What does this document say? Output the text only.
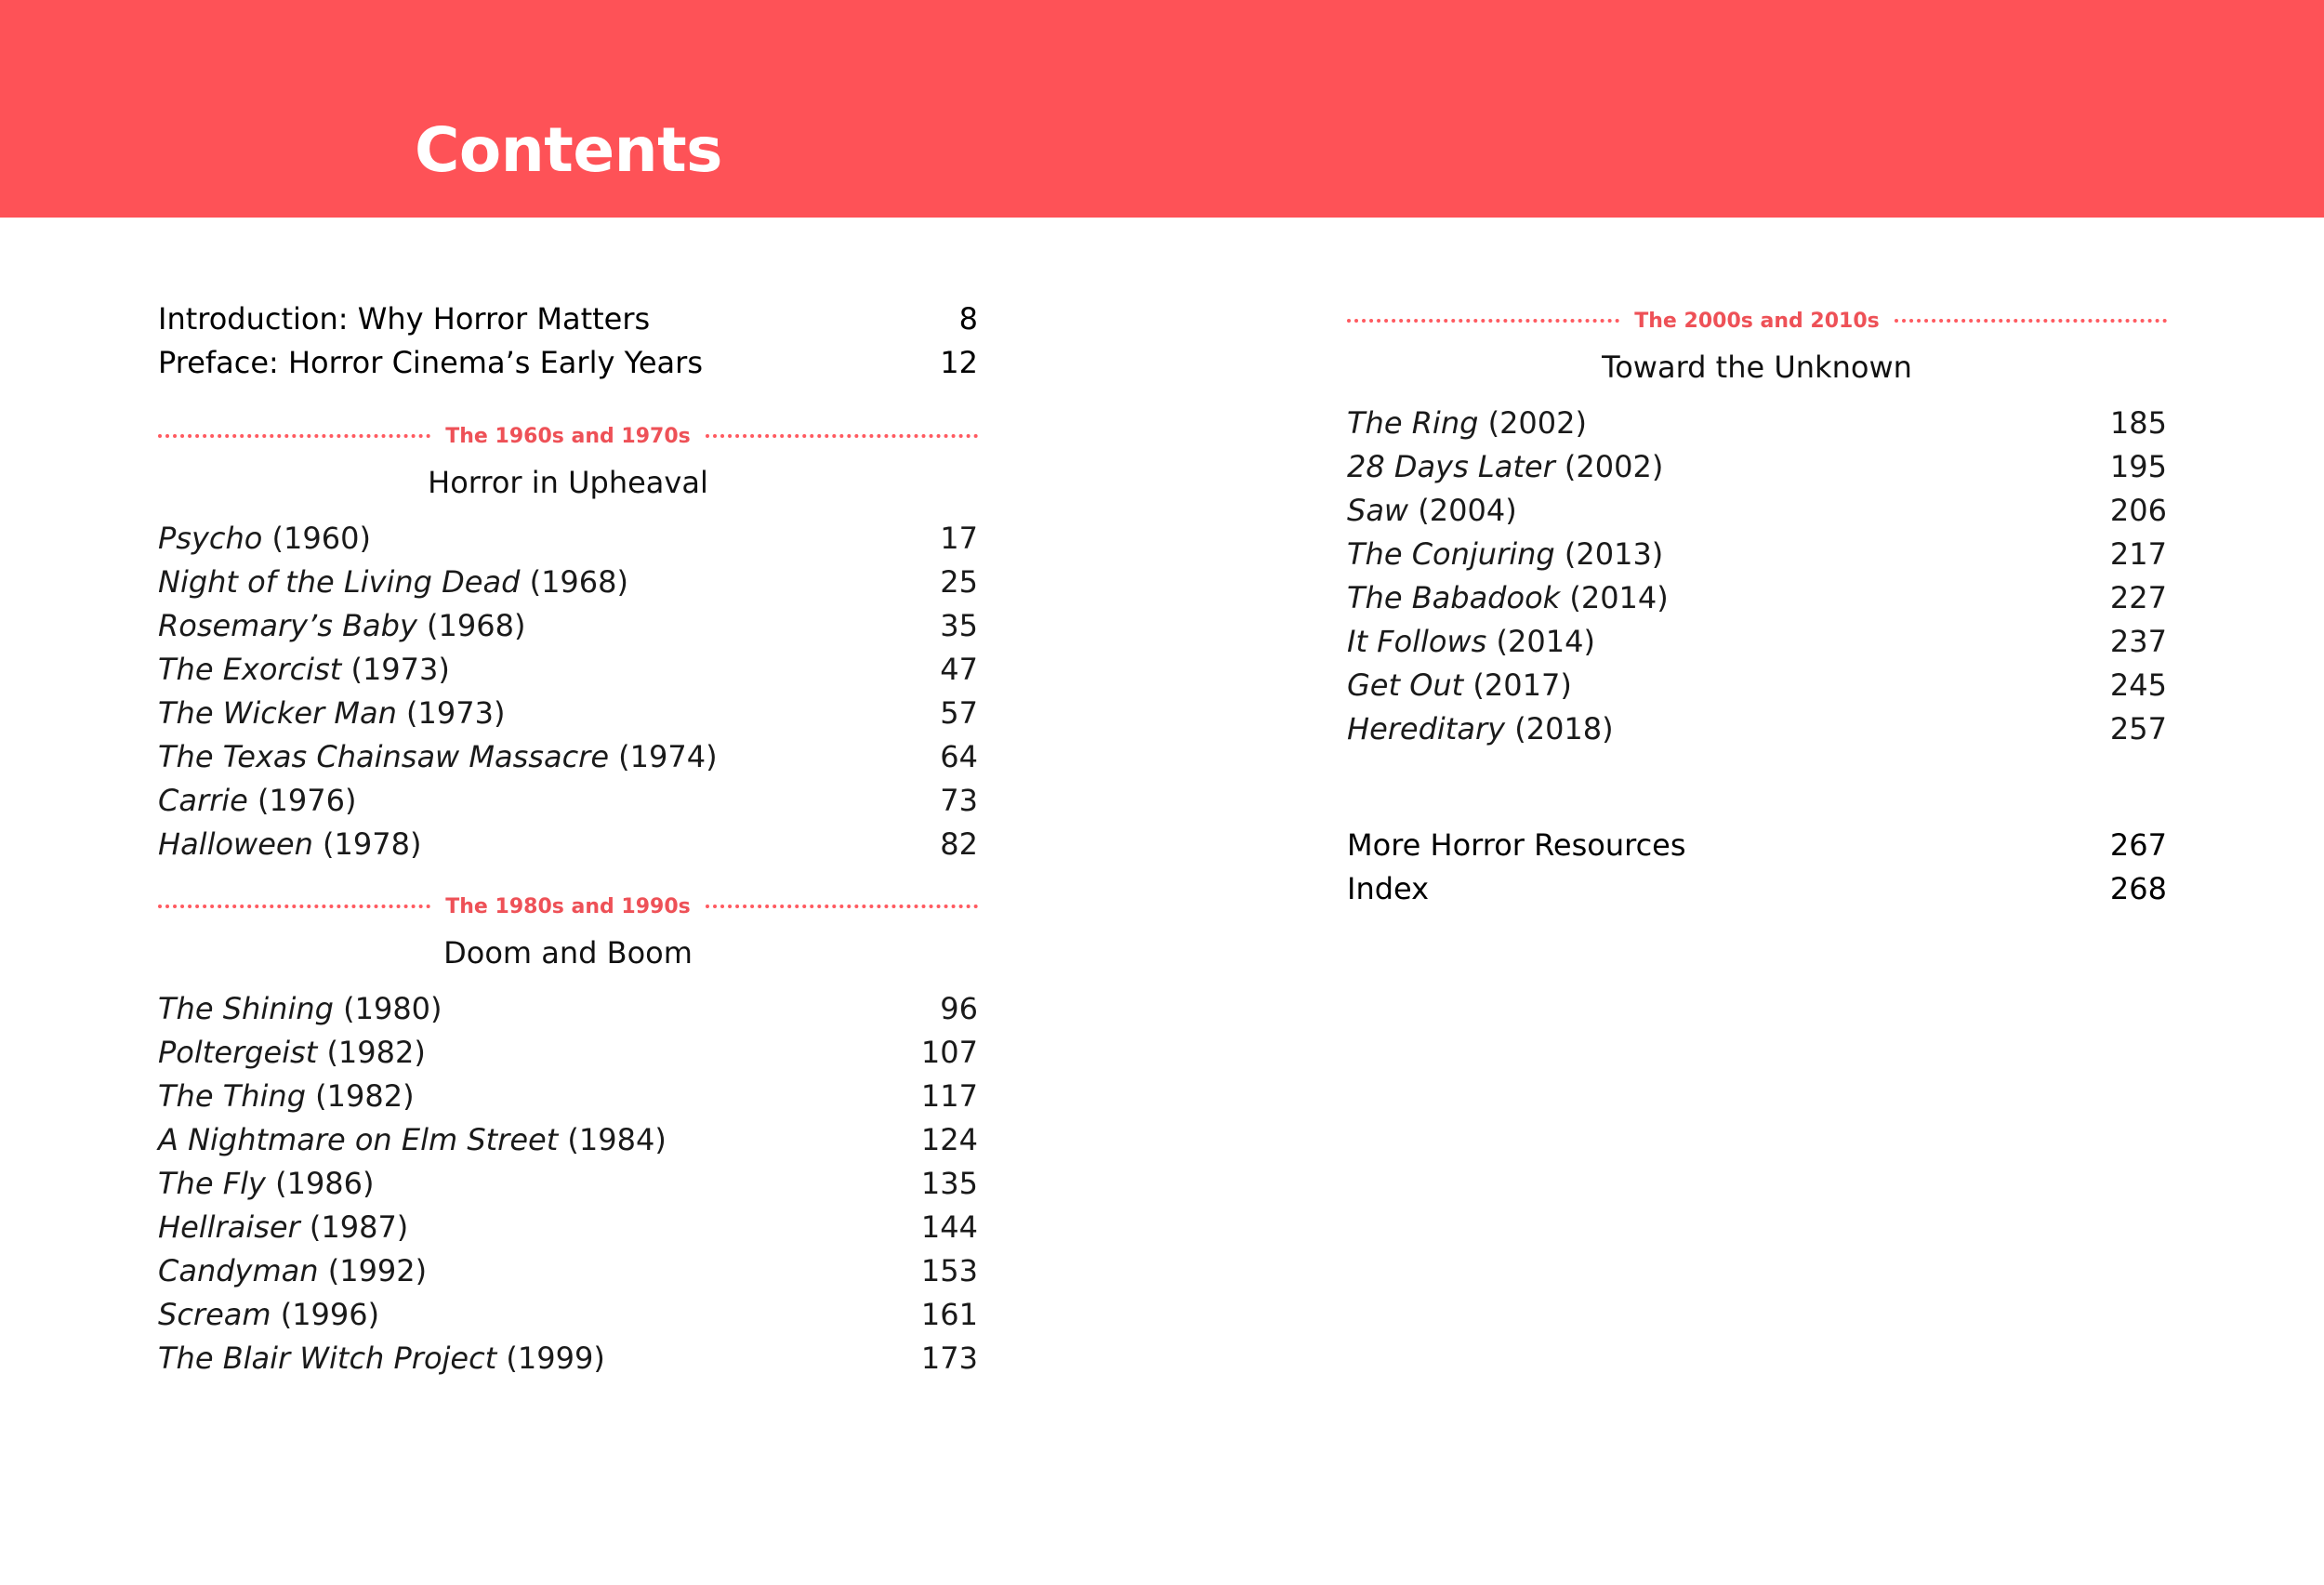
Contents
Introduction: Why Horror Matters	8
Preface: Horror Cinema’s Early Years	12
The 1960s and 1970s
Horror in Upheaval
Psycho (1960)	17
Night of the Living Dead (1968)	25
Rosemary’s Baby (1968)	35
The Exorcist (1973)	47
The Wicker Man (1973)	57
The Texas Chainsaw Massacre (1974)	64
Carrie (1976)	73
Halloween (1978)	82
The 1980s and 1990s
Doom and Boom
The Shining (1980)	96
Poltergeist (1982)	107
The Thing (1982)	117
A Nightmare on Elm Street (1984)	124
The Fly (1986)	135
Hellraiser (1987)	144
Candyman (1992)	153
Scream (1996)	161
The Blair Witch Project (1999)	173
The 2000s and 2010s
Toward the Unknown
The Ring (2002)	185
28 Days Later (2002)	195
Saw (2004)	206
The Conjuring (2013)	217
The Babadook (2014)	227
It Follows (2014)	237
Get Out (2017)	245
Hereditary (2018)	257
More Horror Resources	267
Index	268
